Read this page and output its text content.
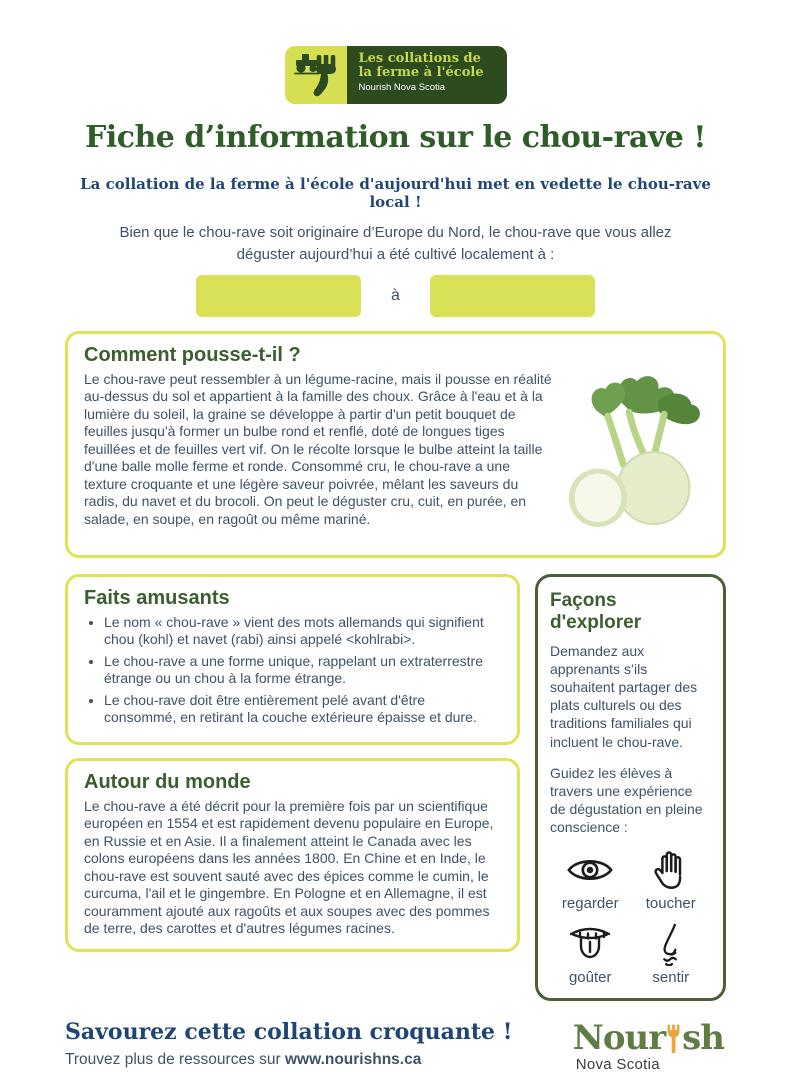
Les collations de la ferme à l'école
Nourish Nova Scotia
Fiche d’information sur le chou-rave !
La collation de la ferme à l'école d'aujourd'hui met en vedette le chou-rave local !

Bien que le chou-rave soit originaire d’Europe du Nord, le chou-rave que vous allez déguster aujourd’hui a été cultivé localement à :

à
Comment pousse-t-il ?

Le chou-rave peut ressembler à un légume-racine, mais il pousse en réalité au-dessus du sol et appartient à la famille des choux. Grâce à l'eau et à la lumière du soleil, la graine se développe à partir d'un petit bouquet de feuilles jusqu'à former un bulbe rond et renflé, doté de longues tiges feuillées et de feuilles vert vif. On le récolte lorsque le bulbe atteint la taille d'une balle molle ferme et ronde. Consommé cru, le chou-rave a une texture croquante et une légère saveur poivrée, mêlant les saveurs du radis, du navet et du brocoli. On peut le déguster cru, cuit, en purée, en salade, en soupe, en ragoût ou même mariné.

Faits amusants
• Le nom « chou-rave » vient des mots allemands qui signifient chou (kohl) et navet (rabi) ainsi appelé <kohlrabi>.
• Le chou-rave a une forme unique, rappelant un extraterrestre étrange ou un chou à la forme étrange.
• Le chou-rave doit être entièrement pelé avant d'être consommé, en retirant la couche extérieure épaisse et dure.
Autour du monde

Le chou-rave a été décrit pour la première fois par un scientifique européen en 1554 et est rapidement devenu populaire en Europe, en Russie et en Asie. Il a finalement atteint le Canada avec les colons européens dans les années 1800. En Chine et en Inde, le chou-rave est souvent sauté avec des épices comme le cumin, le curcuma, l'ail et le gingembre. En Pologne et en Allemagne, il est couramment ajouté aux ragoûts et aux soupes avec des pommes de terre, des carottes et d'autres légumes racines.

Façons d'explorer

Demandez aux apprenants s’ils souhaitent partager des plats culturels ou des traditions familiales qui incluent le chou-rave.

Guidez les élèves à travers une expérience de dégustation en pleine conscience :

regarder toucher
goûter	sentir
Savourez cette collation croquante !
Trouvez plus de ressources sur www.nourishns.ca
Nour sh
Nova Scotia
